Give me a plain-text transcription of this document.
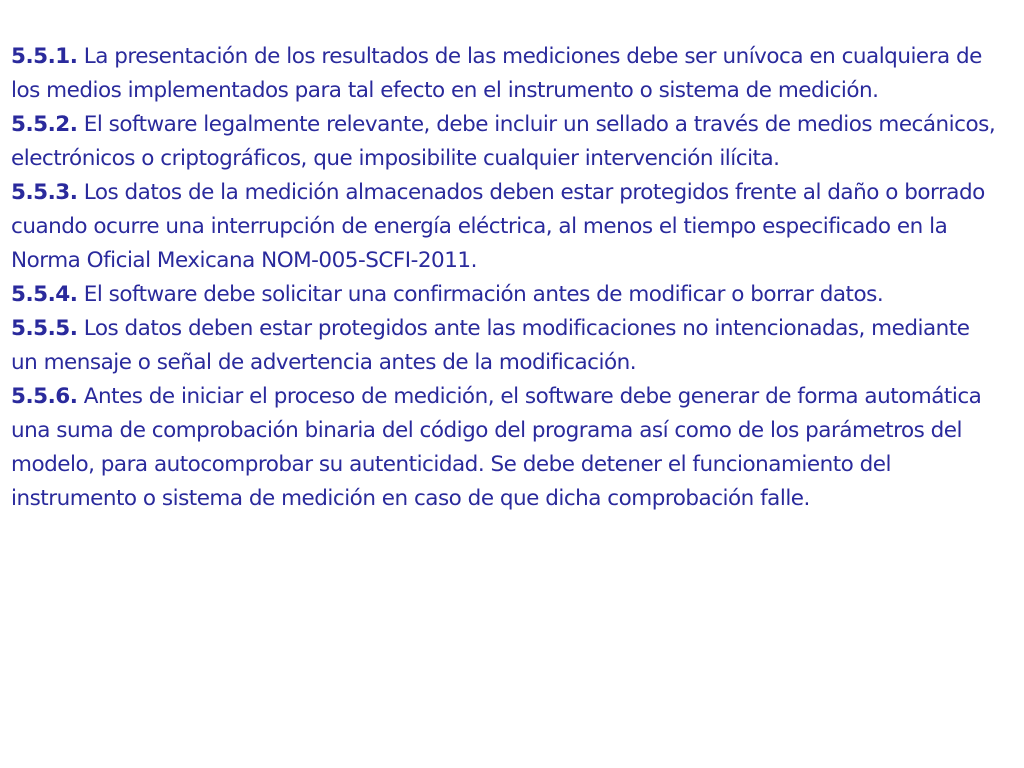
5.5.1. La presentación de los resultados de las mediciones debe ser unívoca en cualquiera de los medios implementados para tal efecto en el instrumento o sistema de medición.

5.5.2. El software legalmente relevante, debe incluir un sellado a través de medios mecánicos, electrónicos o criptográficos, que imposibilite cualquier intervención ilícita.

5.5.3. Los datos de la medición almacenados deben estar protegidos frente al daño o borrado cuando ocurre una interrupción de energía eléctrica, al menos el tiempo especificado en la Norma Oficial Mexicana NOM-005-SCFI-2011.

5.5.4. El software debe solicitar una confirmación antes de modificar o borrar datos.

5.5.5. Los datos deben estar protegidos ante las modificaciones no intencionadas, mediante un mensaje o señal de advertencia antes de la modificación.

5.5.6. Antes de iniciar el proceso de medición, el software debe generar de forma automática una suma de comprobación binaria del código del programa así como de los parámetros del modelo, para autocomprobar su autenticidad. Se debe detener el funcionamiento del instrumento o sistema de medición en caso de que dicha comprobación falle.
